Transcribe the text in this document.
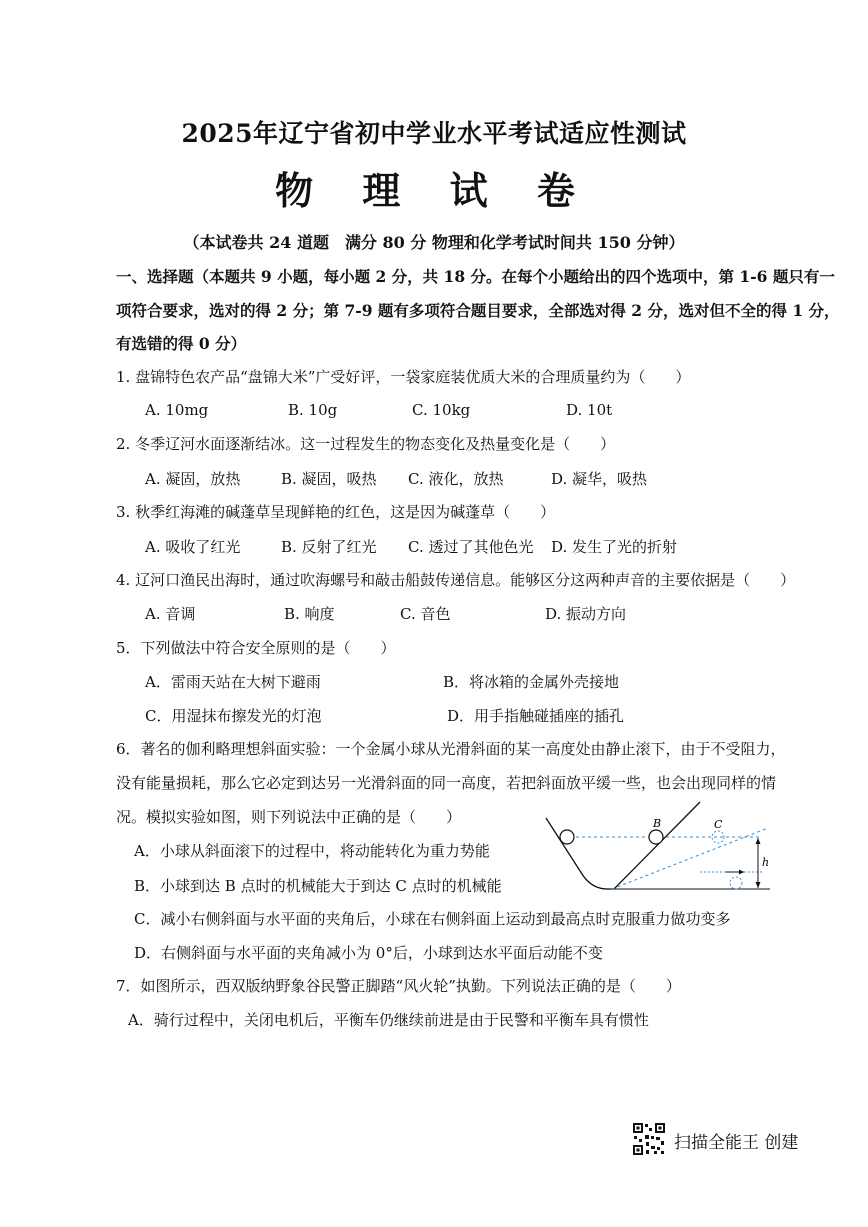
2025年辽宁省初中学业水平考试适应性测试
物 理 试 卷
（本试卷共 24 道题　满分 80 分 物理和化学考试时间共 150 分钟）
一、选择题（本题共 9 小题，每小题 2 分，共 18 分。在每个小题给出的四个选项中，第 1-6 题只有一
项符合要求，选对的得 2 分；第 7-9 题有多项符合题目要求，全部选对得 2 分，选对但不全的得 1 分，
有选错的得 0 分）
1. 盘锦特色农产品“盘锦大米”广受好评，一袋家庭装优质大米的合理质量约为（　　）
A. 10mg	B. 10g	C. 10kg	D. 10t
2. 冬季辽河水面逐渐结冰。这一过程发生的物态变化及热量变化是（　　）
A. 凝固，放热	B. 凝固，吸热 C. 液化，放热	D. 凝华，吸热
3. 秋季红海滩的碱蓬草呈现鲜艳的红色，这是因为碱蓬草（　　）
A. 吸收了红光	B. 反射了红光 C. 透过了其他色光 D. 发生了光的折射
4. 辽河口渔民出海时，通过吹海螺号和敲击船鼓传递信息。能够区分这两种声音的主要依据是（　　）
A. 音调	B. 响度	C. 音色	D. 振动方向
5．下列做法中符合安全原则的是（　　）
A．雷雨天站在大树下避雨	B．将冰箱的金属外壳接地
C．用湿抹布擦发光的灯泡	D．用手指触碰插座的插孔
6．著名的伽利略理想斜面实验：一个金属小球从光滑斜面的某一高度处由静止滚下，由于不受阻力，
没有能量损耗，那么它必定到达另一光滑斜面的同一高度，若把斜面放平缓一些，也会出现同样的情
况。模拟实验如图，则下列说法中正确的是（　　）
A．小球从斜面滚下的过程中，将动能转化为重力势能
B．小球到达 B 点时的机械能大于到达 C 点时的机械能
C．减小右侧斜面与水平面的夹角后，小球在右侧斜面上运动到最高点时克服重力做功变多
D．右侧斜面与水平面的夹角减小为 0°后，小球到达水平面后动能不变
B	C
h
7．如图所示，西双版纳野象谷民警正脚踏“风火轮”执勤。下列说法正确的是（　　）
A．骑行过程中，关闭电机后，平衡车仍继续前进是由于民警和平衡车具有惯性
扫描全能王 创建
